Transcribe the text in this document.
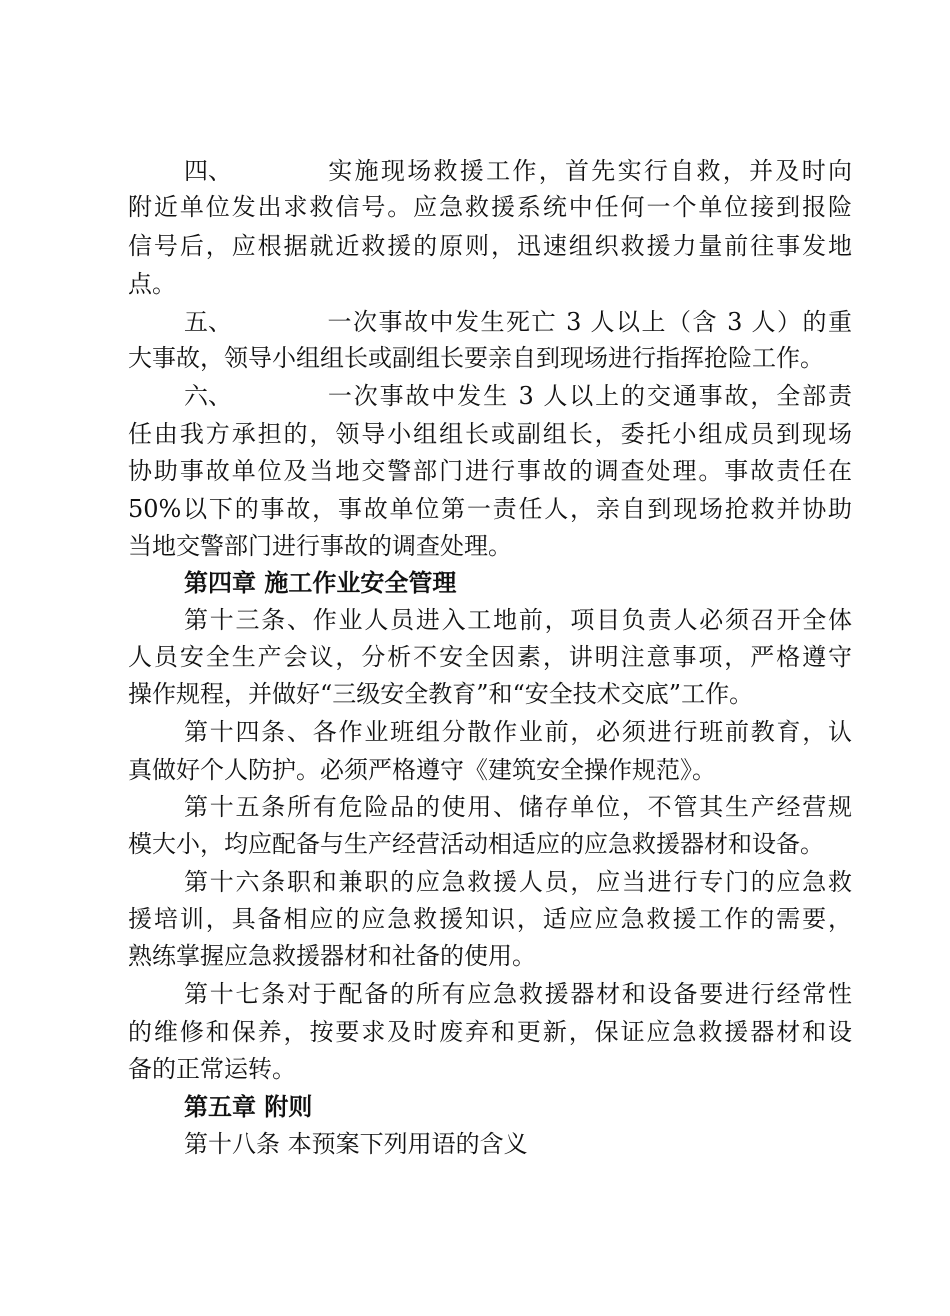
四、	实施现场救援工作，首先实行自救，并及时向
附近单位发出求救信号。应急救援系统中任何一个单位接到报险
信号后，应根据就近救援的原则，迅速组织救援力量前往事发地
点。
五、	一次事故中发生死亡 3 人以上（含 3 人）的重
大事故，领导小组组长或副组长要亲自到现场进行指挥抢险工作。
六、	一次事故中发生 3 人以上的交通事故，全部责
任由我方承担的，领导小组组长或副组长，委托小组成员到现场
协助事故单位及当地交警部门进行事故的调查处理。事故责任在
50%以下的事故，事故单位第一责任人，亲自到现场抢救并协助
当地交警部门进行事故的调查处理。
第四章 施工作业安全管理
第十三条、作业人员进入工地前，项目负责人必须召开全体
人员安全生产会议，分析不安全因素，讲明注意事项，严格遵守
操作规程，并做好“三级安全教育”和“安全技术交底”工作。
第十四条、各作业班组分散作业前，必须进行班前教育，认
真做好个人防护。必须严格遵守《建筑安全操作规范》。
第十五条所有危险品的使用、储存单位，不管其生产经营规
模大小，均应配备与生产经营活动相适应的应急救援器材和设备。
第十六条职和兼职的应急救援人员，应当进行专门的应急救
援培训，具备相应的应急救援知识，适应应急救援工作的需要，
熟练掌握应急救援器材和社备的使用。
第十七条对于配备的所有应急救援器材和设备要进行经常性
的维修和保养，按要求及时废弃和更新，保证应急救援器材和设
备的正常运转。
第五章 附则
第十八条 本预案下列用语的含义
